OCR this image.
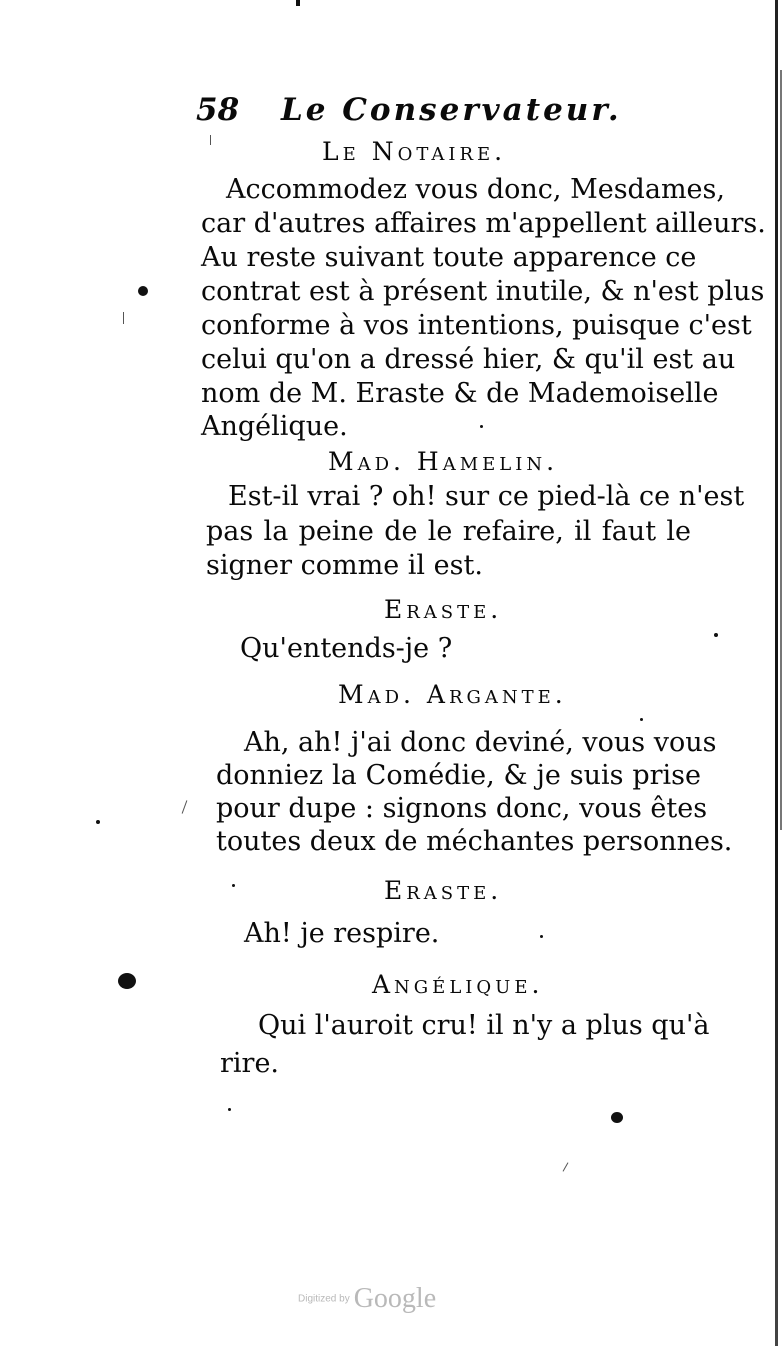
58 Le Conservateur.
Le Notaire.
Accommodez vous donc, Mesdames,
car d'autres affaires m'appellent ailleurs.
Au reste suivant toute apparence ce
contrat est à présent inutile, & n'est plus
conforme à vos intentions, puisque c'est
celui qu'on a dressé hier, & qu'il est au
nom de M. Eraste & de Mademoiselle
Angélique.
Mad. Hamelin.
Est-il vrai ? oh! sur ce pied-là ce n'est
pas la peine de le refaire, il faut le
signer comme il est.
Eraste.
Qu'entends-je ?
Mad. Argante.
Ah, ah! j'ai donc deviné, vous vous
donniez la Comédie, & je suis prise
pour dupe : signons donc, vous êtes
toutes deux de méchantes personnes.
Eraste.
Ah! je respire.
Angélique.
Qui l'auroit cru! il n'y a plus qu'à
rire.
Digitized by Google
